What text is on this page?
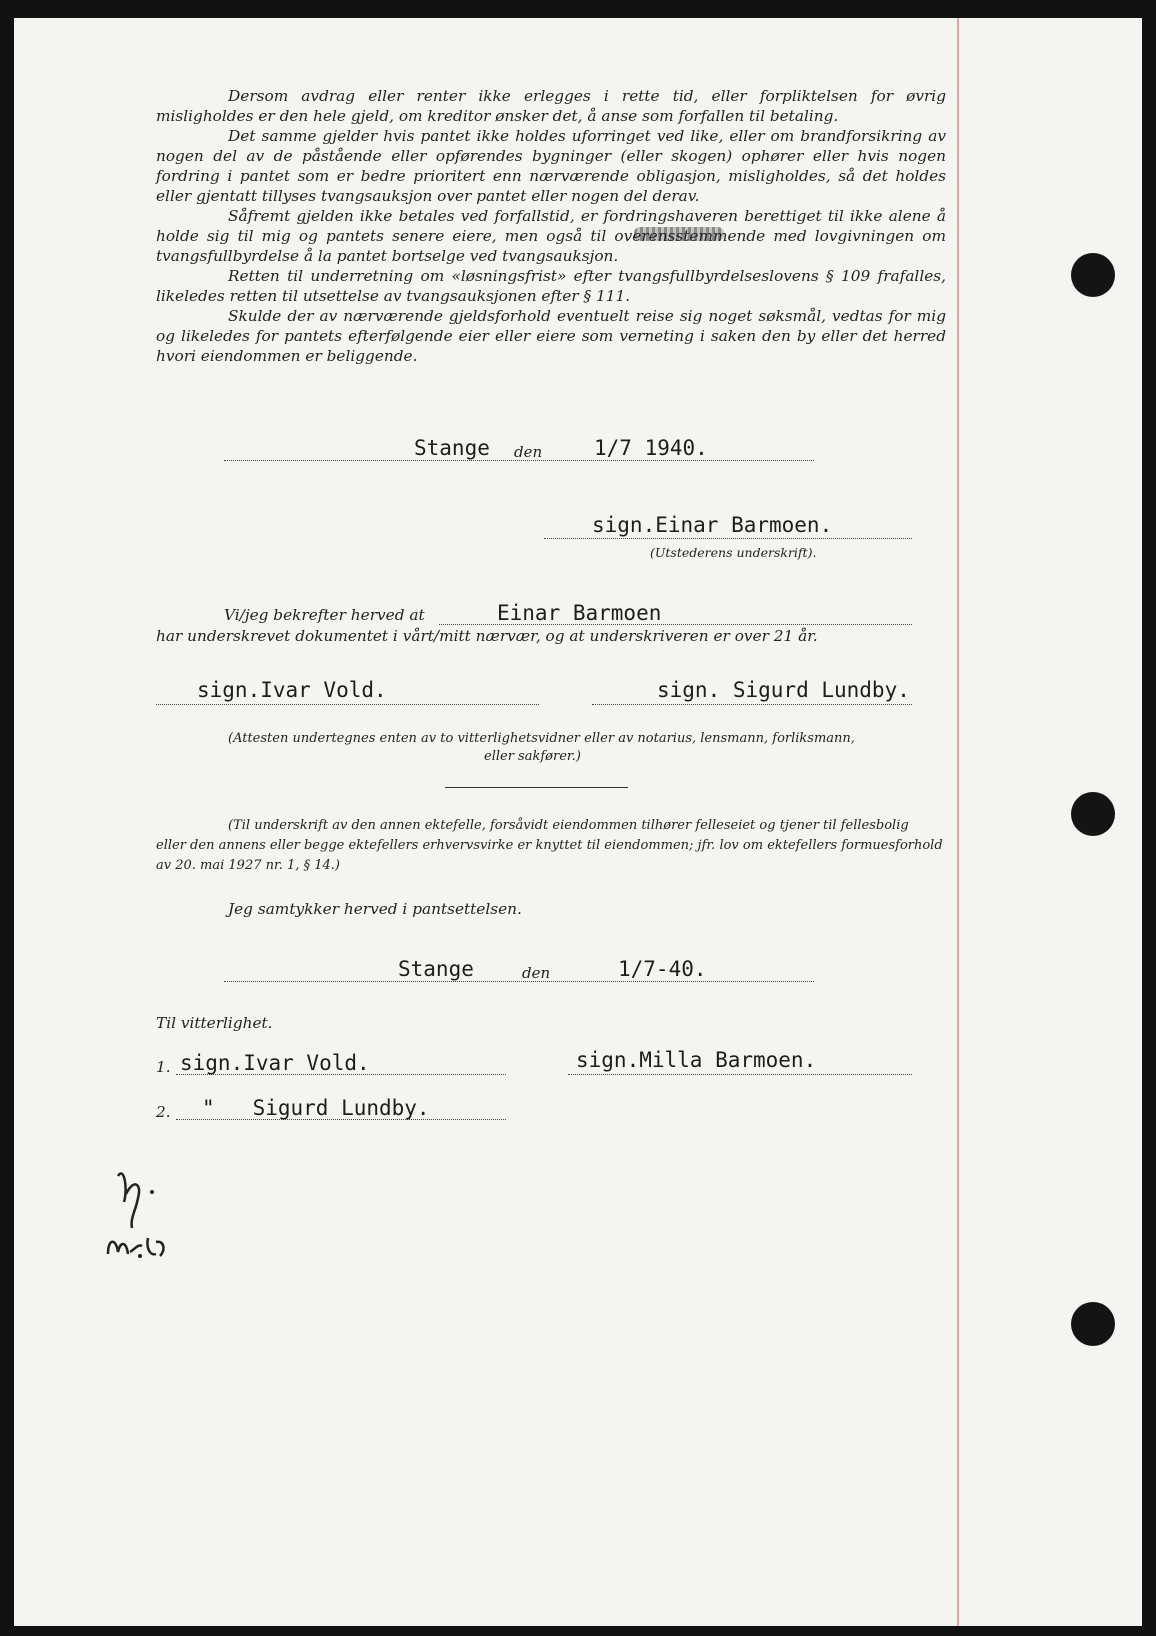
Dersom avdrag eller renter ikke erlegges i rette tid, eller forpliktelsen for øvrig misligholdes er den hele gjeld, om kreditor ønsker det, å anse som forfallen til betaling.

Det samme gjelder hvis pantet ikke holdes uforringet ved like, eller om brandforsikring av nogen del av de påstående eller opførendes bygninger (eller skogen) ophører eller hvis nogen fordring i pantet som er bedre prioritert enn nærværende obligasjon, misligholdes, så det holdes eller gjentatt tillyses tvangsauksjon over pantet eller nogen del derav.

Såfremt gjelden ikke betales ved forfallstid, er fordringshaveren berettiget til ikke alene å holde sig til mig og pantets senere eiere, men også til overensstemmende med lovgivningen om tvangsfullbyrdelse å la pantet bortselge ved tvangsauksjon.

Retten til underretning om «løsningsfrist» efter tvangsfullbyrdelseslovens § 109 frafalles, likeledes retten til utsettelse av tvangsauksjonen efter § 111.

Skulde der av nærværende gjeldsforhold eventuelt reise sig noget søksmål, vedtas for mig og likeledes for pantets efterfølgende eier eller eiere som verneting i saken den by eller det herred hvori eiendommen er beliggende.

Stange den 1/7 1940.
sign.Einar Barmoen.
(Utstederens underskrift).
Vi/jeg bekrefter herved at	Einar Barmoen
har underskrevet dokumentet i vårt/mitt nærvær, og at underskriveren er over 21 år.
sign.Ivar Vold.	sign. Sigurd Lundby.
(Attesten undertegnes enten av to vitterlighetsvidner eller av notarius, lensmann, forliksmann,
eller sakfører.)
(Til underskrift av den annen ektefelle, forsåvidt eiendommen tilhører felleseiet og tjener til fellesbolig
eller den annens eller begge ektefellers erhvervsvirke er knyttet til eiendommen; jfr. lov om ektefellers formuesforhold
av 20. mai 1927 nr. 1, § 14.)
Jeg samtykker herved i pantsettelsen.
Stange	den	1/7-40.
Til vitterlighet.
1. sign.Ivar Vold.	sign.Milla Barmoen.
2. "   Sigurd Lundby.
